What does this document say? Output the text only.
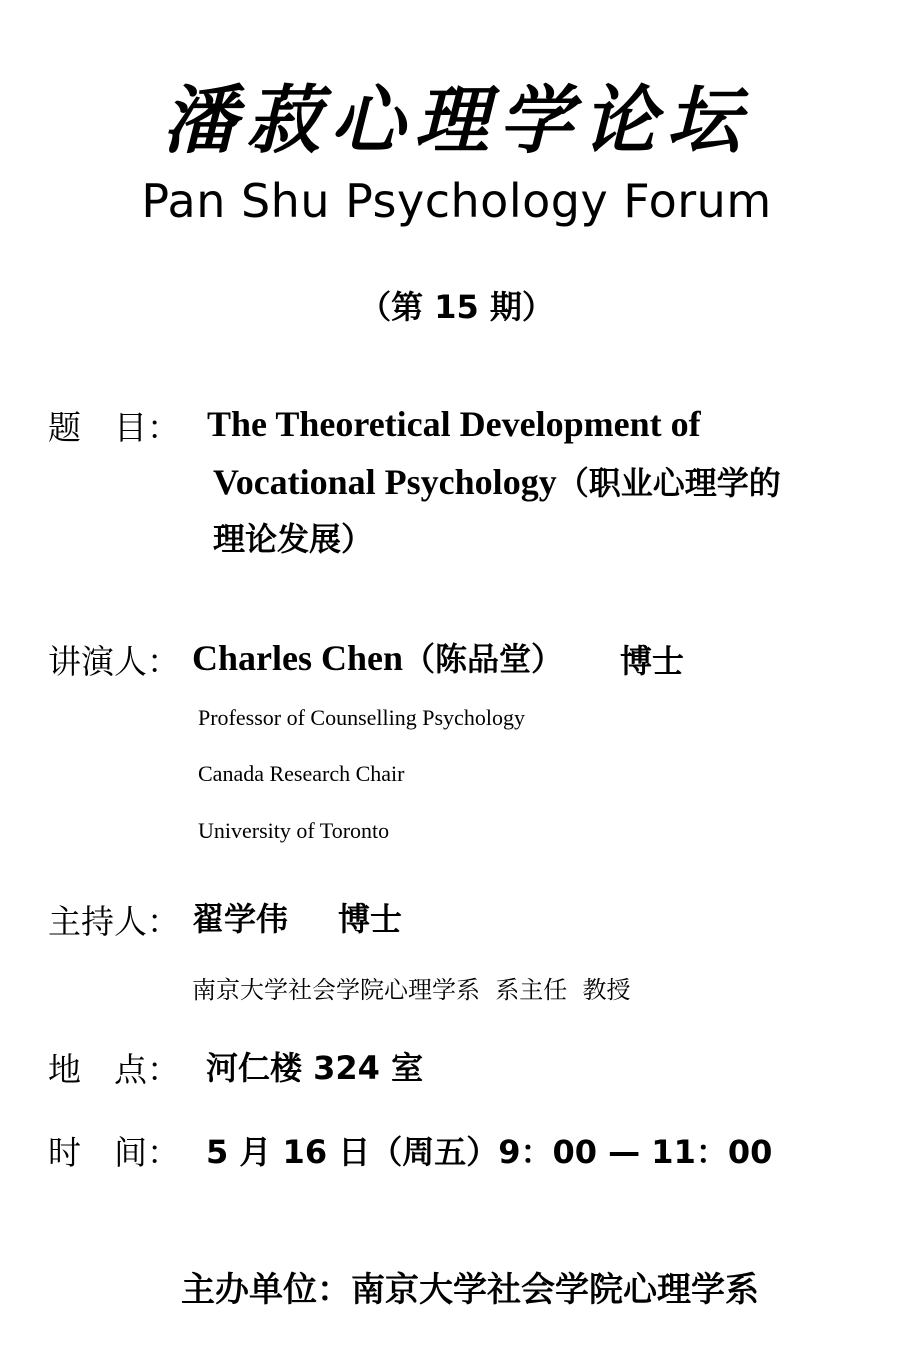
潘菽心理学论坛
Pan Shu Psychology Forum
（第 15 期）
题　目： The Theoretical Development of
Vocational Psychology（职业心理学的
理论发展）
讲演人： Charles Chen（陈品堂） 博士
Professor of Counselling Psychology
Canada Research Chair
University of Toronto
主持人： 翟学伟 博士
南京大学社会学院心理学系  系主任  教授
地　点： 河仁楼 324 室
时　间： 5 月 16 日（周五）9：00 — 11：00
主办单位：南京大学社会学院心理学系
